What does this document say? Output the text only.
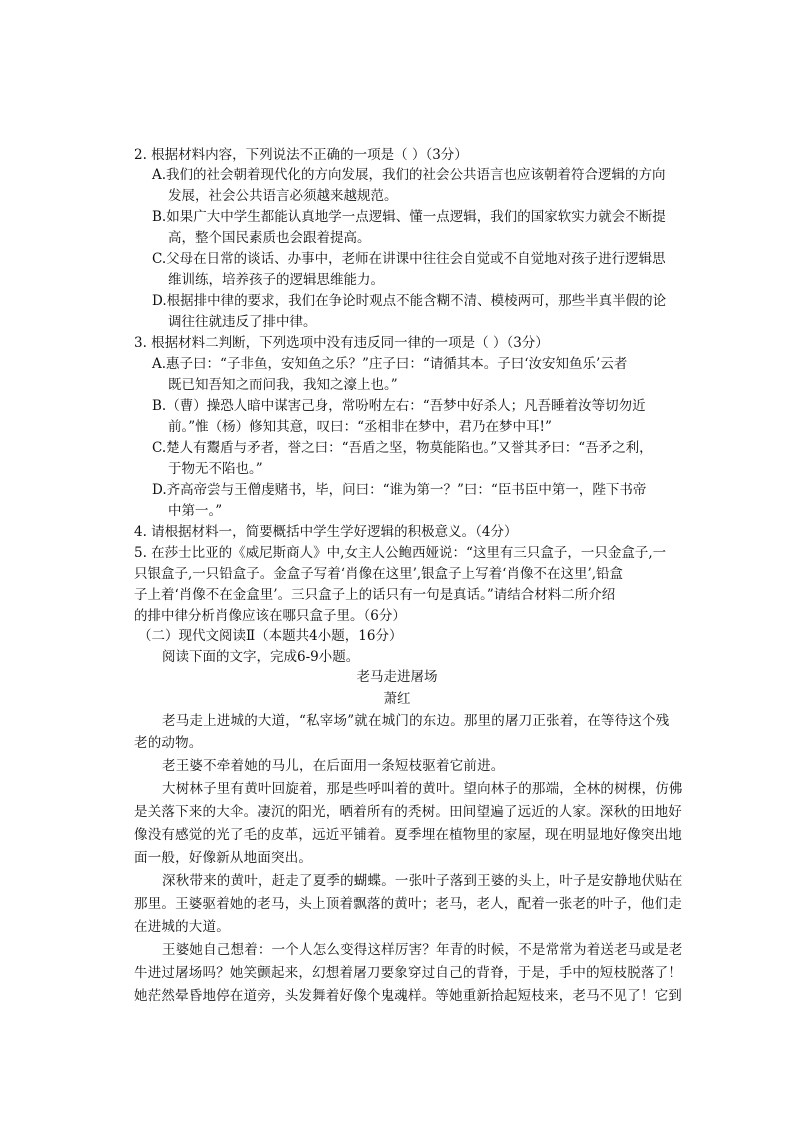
2. 根据材料内容，下列说法不正确的一项是（ ）（3分）
A.我们的社会朝着现代化的方向发展，我们的社会公共语言也应该朝着符合逻辑的方向
发展，社会公共语言必须越来越规范。
B.如果广大中学生都能认真地学一点逻辑、懂一点逻辑，我们的国家软实力就会不断提
高，整个国民素质也会跟着提高。
C.父母在日常的谈话、办事中，老师在讲课中往往会自觉或不自觉地对孩子进行逻辑思
维训练，培养孩子的逻辑思维能力。
D.根据排中律的要求，我们在争论时观点不能含糊不清、模棱两可，那些半真半假的论
调往往就违反了排中律。
3. 根据材料二判断，下列选项中没有违反同一律的一项是（ ）（3分）
A.惠子曰：“子非鱼，安知鱼之乐？”庄子曰：“请循其本。子曰‘汝安知鱼乐’云者
既已知吾知之而问我，我知之濠上也。”
B.（曹）操恐人暗中谋害己身，常吩咐左右：“吾梦中好杀人；凡吾睡着汝等切勿近
前。”惟（杨）修知其意，叹曰：“丞相非在梦中，君乃在梦中耳!”
C.楚人有鬻盾与矛者，誉之曰：“吾盾之坚，物莫能陷也。”又誉其矛曰：“吾矛之利，
于物无不陷也。”
D.齐高帝尝与王僧虔赌书，毕，问曰：“谁为第一？”曰：“臣书臣中第一，陛下书帝
中第一。”
4. 请根据材料一，简要概括中学生学好逻辑的积极意义。（4分）
5. 在莎士比亚的《威尼斯商人》中,女主人公鲍西娅说：“这里有三只盒子，一只金盒子,一
只银盒子,一只铅盒子。金盒子写着‘肖像在这里’,银盒子上写着‘肖像不在这里’,铅盒
子上着‘肖像不在金盒里’。三只盒子上的话只有一句是真话。”请结合材料二所介绍
的排中律分析肖像应该在哪只盒子里。（6分）
（二）现代文阅读Ⅱ（本题共4小题，16分）
阅读下面的文字，完成6-9小题。
老马走进屠场
萧红
老马走上进城的大道，“私宰场”就在城门的东边。那里的屠刀正张着，在等待这个残
老的动物。
老王婆不牵着她的马儿，在后面用一条短枝驱着它前进。
大树林子里有黄叶回旋着，那是些呼叫着的黄叶。望向林子的那端，全林的树棵，仿佛
是关落下来的大伞。凄沉的阳光，晒着所有的秃树。田间望遍了远近的人家。深秋的田地好
像没有感觉的光了毛的皮革，远近平铺着。夏季埋在植物里的家屋，现在明显地好像突出地
面一般，好像新从地面突出。
深秋带来的黄叶，赶走了夏季的蝴蝶。一张叶子落到王婆的头上，叶子是安静地伏贴在
那里。王婆驱着她的老马，头上顶着飘落的黄叶；老马，老人，配着一张老的叶子，他们走
在进城的大道。
王婆她自己想着：一个人怎么变得这样厉害？年青的时候，不是常常为着送老马或是老
牛进过屠场吗？她笑颤起来，幻想着屠刀要象穿过自己的背脊，于是，手中的短枝脱落了！
她茫然晕昏地停在道旁，头发舞着好像个鬼魂样。等她重新拾起短枝来，老马不见了！它到
